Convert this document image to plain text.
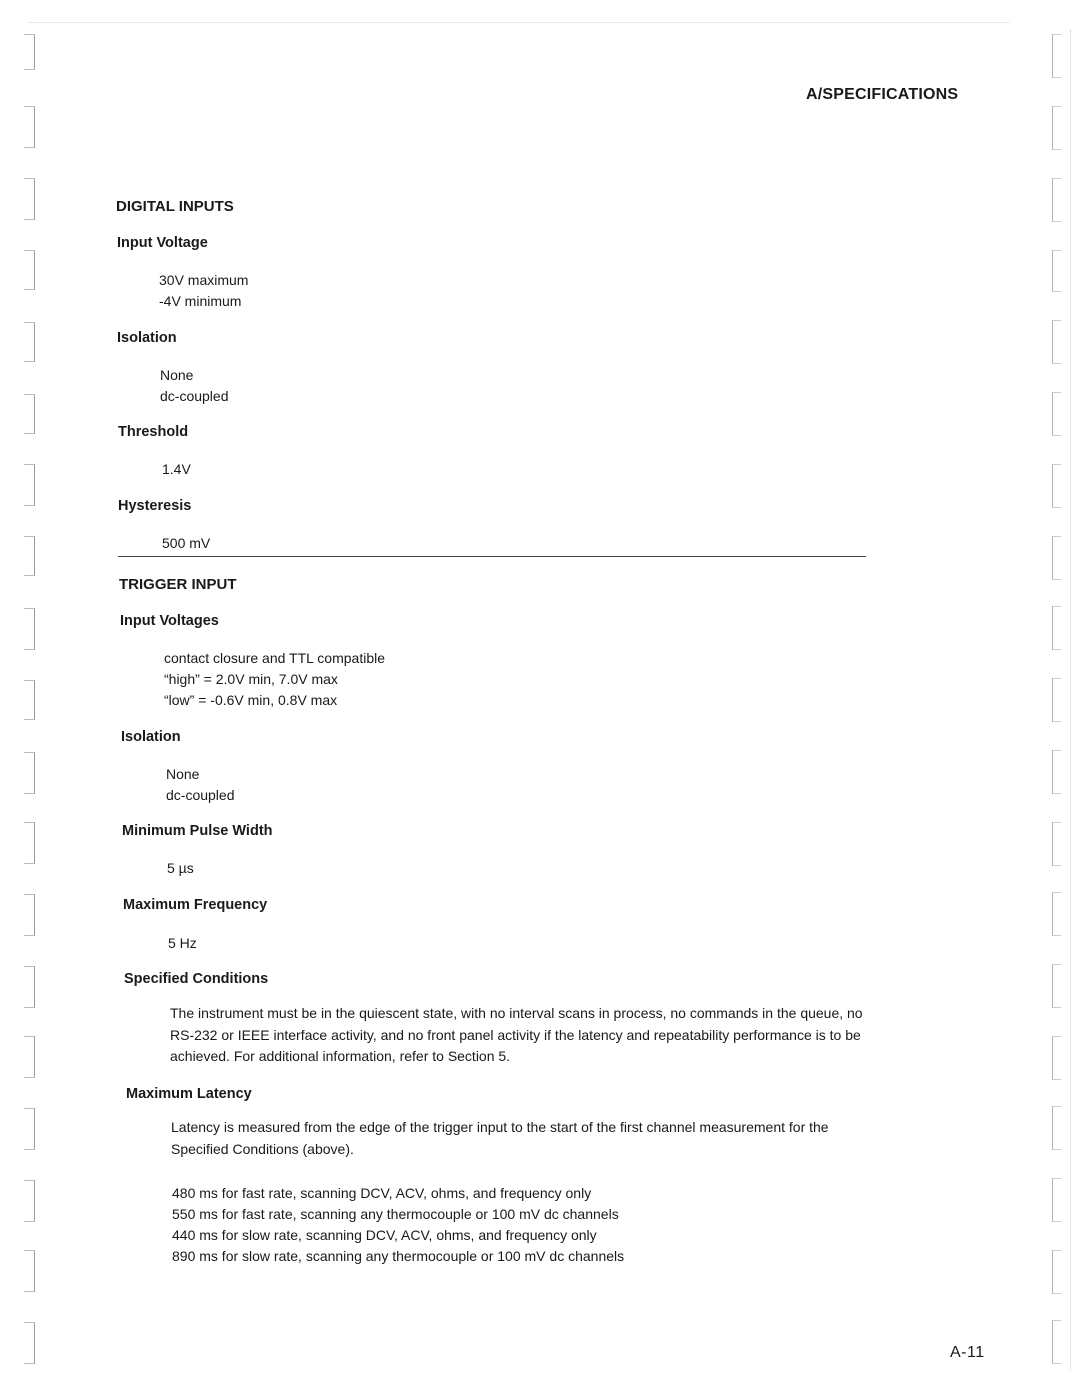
A/SPECIFICATIONS
DIGITAL INPUTS
Input Voltage
30V maximum
-4V minimum
Isolation
None
dc-coupled
Threshold
1.4V
Hysteresis
500 mV
TRIGGER INPUT
Input Voltages
contact closure and TTL compatible
“high” = 2.0V min, 7.0V max
“low” = -0.6V min, 0.8V max
Isolation
None
dc-coupled
Minimum Pulse Width
5 µs
Maximum Frequency
5 Hz
Specified Conditions
The instrument must be in the quiescent state, with no interval scans in process, no commands in the queue, no RS-232 or IEEE interface activity, and no front panel activity if the latency and repeatability performance is to be achieved. For additional information, refer to Section 5.
Maximum Latency
Latency is measured from the edge of the trigger input to the start of the first channel measurement for the Specified Conditions (above).
480 ms for fast rate, scanning DCV, ACV, ohms, and frequency only
550 ms for fast rate, scanning any thermocouple or 100 mV dc channels
440 ms for slow rate, scanning DCV, ACV, ohms, and frequency only
890 ms for slow rate, scanning any thermocouple or 100 mV dc channels
A-11
